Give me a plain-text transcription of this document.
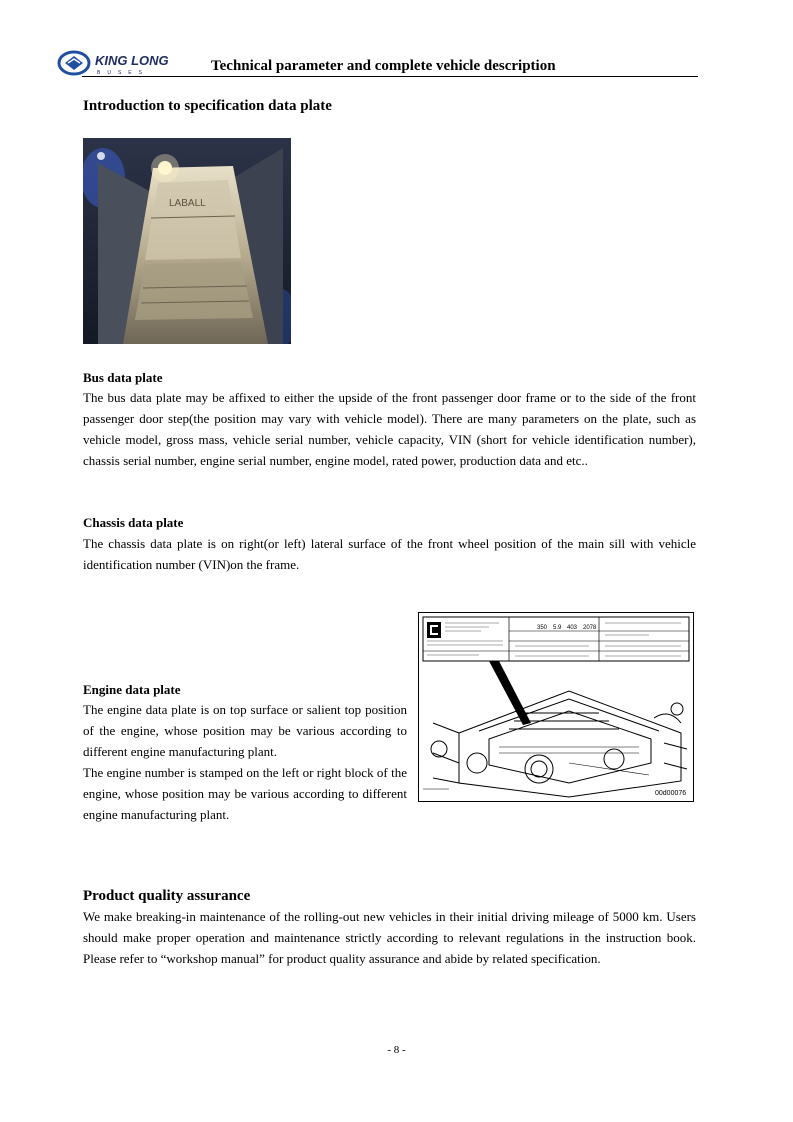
KING LONG
BUSES	Technical parameter and complete vehicle description
Introduction to specification data plate
LABALL
Bus data plate
The bus data plate may be affixed to either the upside of the front passenger door frame or to the side of the front passenger door step(the position may vary with vehicle model). There are many parameters on the plate, such as vehicle model, gross mass, vehicle serial number, vehicle capacity, VIN (short for vehicle identification number), chassis serial number, engine serial number, engine model, rated power, production data and etc..
Chassis data plate
The chassis data plate is on right(or left) lateral surface of the front wheel position of the main sill with vehicle identification number (VIN)on the frame.
350 5.9 403 2078
00d00076
Engine data plate
The engine data plate is on top surface or salient top position of the engine, whose position may be various according to different engine manufacturing plant.
The engine number is stamped on the left or right block of the engine, whose position may be various according to different engine manufacturing plant.
Product quality assurance
We make breaking-in maintenance of the rolling-out new vehicles in their initial driving mileage of 5000 km. Users should make proper operation and maintenance strictly according to relevant regulations in the instruction book. Please refer to “workshop manual” for product quality assurance and abide by related specification.
- 8 -
